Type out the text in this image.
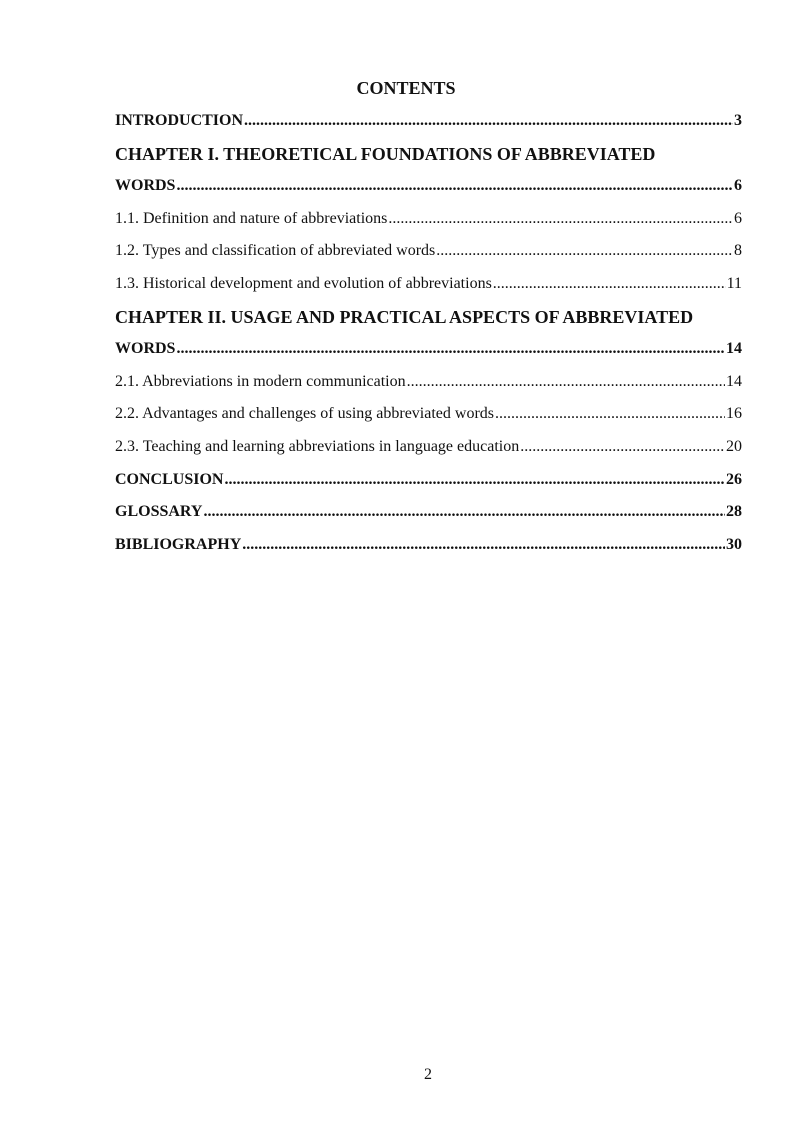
CONTENTS
INTRODUCTION .....	3
CHAPTER I. THEORETICAL FOUNDATIONS OF ABBREVIATED
WORDS .....	6
1.1. Definition and nature of abbreviations .....	6
1.2. Types and classification of abbreviated words .....	8
1.3. Historical development and evolution of abbreviations .....	11
CHAPTER II. USAGE AND PRACTICAL ASPECTS OF ABBREVIATED
WORDS .....	14
2.1. Abbreviations in modern communication .....	14
2.2. Advantages and challenges of using abbreviated words .....	16
2.3. Teaching and learning abbreviations in language education .....	20
CONCLUSION .....	26
GLOSSARY .....	28
BIBLIOGRAPHY .....	30
2
